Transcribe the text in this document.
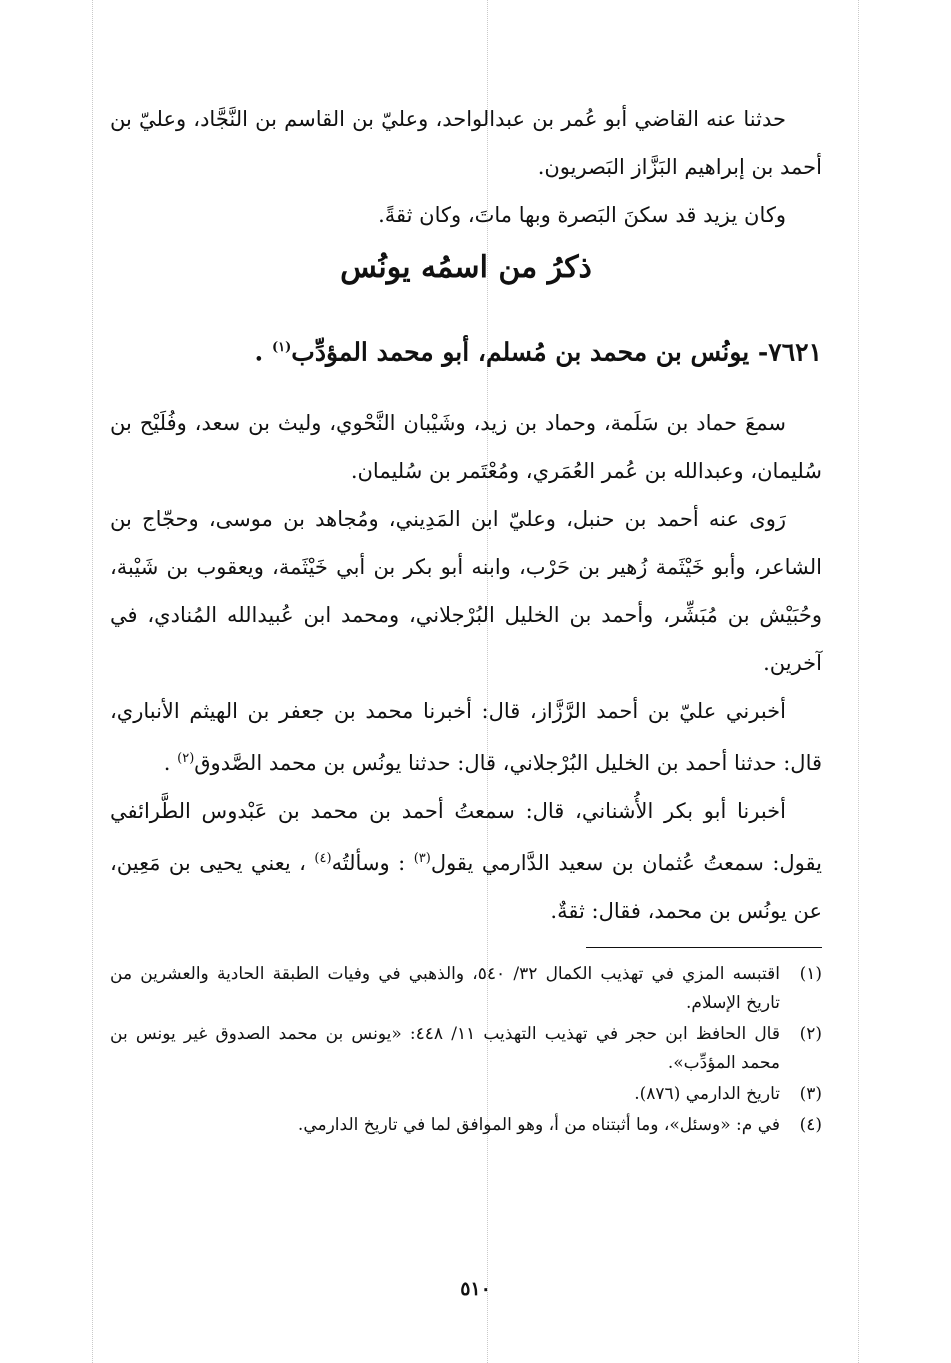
حدثنا عنه القاضي أبو عُمر بن عبدالواحد، وعليّ بن القاسم بن النَّجَّاد، وعليّ بن أحمد بن إبراهيم البَزَّاز البَصريون.

وكان يزيد قد سكنَ البَصرة وبها ماتَ، وكان ثقةً.

ذكرُ من اسمُه يونُس

٧٦٢١- يونُس بن محمد بن مُسلم، أبو محمد المؤدِّب$^{(١)}$ .

سمعَ حماد بن سَلَمة، وحماد بن زيد، وشَيْبان النَّحْوي، وليث بن سعد، وفُلَيْح بن سُليمان، وعبدالله بن عُمر العُمَري، ومُعْتَمر بن سُليمان.

رَوى عنه أحمد بن حنبل، وعليّ ابن المَدِيني، ومُجاهد بن موسى، وحجّاج بن الشاعر، وأبو خَيْثَمة زُهير بن حَرْب، وابنه أبو بكر بن أبي خَيْثَمة، ويعقوب بن شَيْبة، وحُبَيْش بن مُبَشِّر، وأحمد بن الخليل البُرْجلاني، ومحمد ابن عُبيدالله المُنادي، في آخرين.

أخبرني عليّ بن أحمد الرَّزَّاز، قال: أخبرنا محمد بن جعفر بن الهيثم الأنباري، قال: حدثنا أحمد بن الخليل البُرْجلاني، قال: حدثنا يونُس بن محمد الصَّدوق$^{(٢)}$ .

أخبرنا أبو بكر الأُشناني، قال: سمعتُ أحمد بن محمد بن عَبْدوس الطَّرائفي يقول: سمعتُ عُثمان بن سعيد الدَّارمي يقول$^{(٣)}$ : وسألتُه$^{(٤)}$ ، يعني يحيى بن مَعِين، عن يونُس بن محمد، فقال: ثقةٌ.

(١)
اقتبسه المزي في تهذيب الكمال ٣٢/ ٥٤٠، والذهبي في وفيات الطبقة الحادية والعشرين من تاريخ الإسلام.
(٢)
قال الحافظ ابن حجر في تهذيب التهذيب ١١/ ٤٤٨: «يونس بن محمد الصدوق غير يونس بن محمد المؤدِّب».
(٣)
تاريخ الدارمي (٨٧٦).
(٤)
في م: «وسئل»، وما أثبتناه من أ، وهو الموافق لما في تاريخ الدارمي.
٥١٠
